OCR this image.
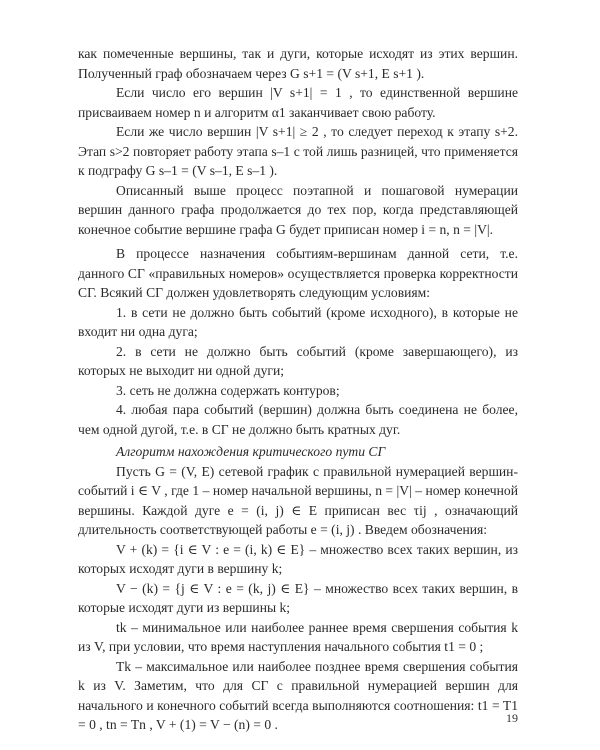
как помеченные вершины, так и дуги, которые исходят из этих вершин. Полученный граф обозначаем через G s+1 = (V s+1, E s+1 ).

Если число его вершин |V s+1| = 1 , то единственной вершине присваиваем номер n и алгоритм α1 заканчивает свою работу.

Если же число вершин |V s+1| ≥ 2 , то следует переход к этапу s+2. Этап s>2 повторяет работу этапа s–1 с той лишь разницей, что применяется к подграфу G s–1 = (V s–1, E s–1 ).

Описанный выше процесс поэтапной и пошаговой нумерации вершин данного графа продолжается до тех пор, когда представляющей конечное событие вершине графа G будет приписан номер i = n, n = |V|.

В процессе назначения событиям-вершинам данной сети, т.е. данного СГ «правильных номеров» осуществляется проверка корректности СГ. Всякий СГ должен удовлетворять следующим условиям:

1. в сети не должно быть событий (кроме исходного), в которые не входит ни одна дуга;

2. в сети не должно быть событий (кроме завершающего), из которых не выходит ни одной дуги;

3. сеть не должна содержать контуров;

4. любая пара событий (вершин) должна быть соединена не более, чем одной дугой, т.е. в СГ не должно быть кратных дуг.

Алгоритм нахождения критического пути СГ

Пусть G = (V, E) сетевой график с правильной нумерацией вершин-событий i ∈ V , где 1 – номер начальной вершины, n = |V| – номер конечной вершины. Каждой дуге e = (i, j) ∈ E приписан вес τij , означающий длительность соответствующей работы e = (i, j) . Введем обозначения:

V + (k) = {i ∈ V : e = (i, k) ∈ E} – множество всех таких вершин, из которых исходят дуги в вершину k;

V − (k) = {j ∈ V : e = (k, j) ∈ E} – множество всех таких вершин, в которые исходят дуги из вершины k;

tk – минимальное или наиболее раннее время свершения события k из V, при условии, что время наступления начального события t1 = 0 ;

Tk – максимальное или наиболее позднее время свершения события k из V. Заметим, что для СГ с правильной нумерацией вершин для начального и конечного событий всегда выполняются соотношения: t1 = T1 = 0 , tn = Tn , V + (1) = V − (n) = 0 .	19
